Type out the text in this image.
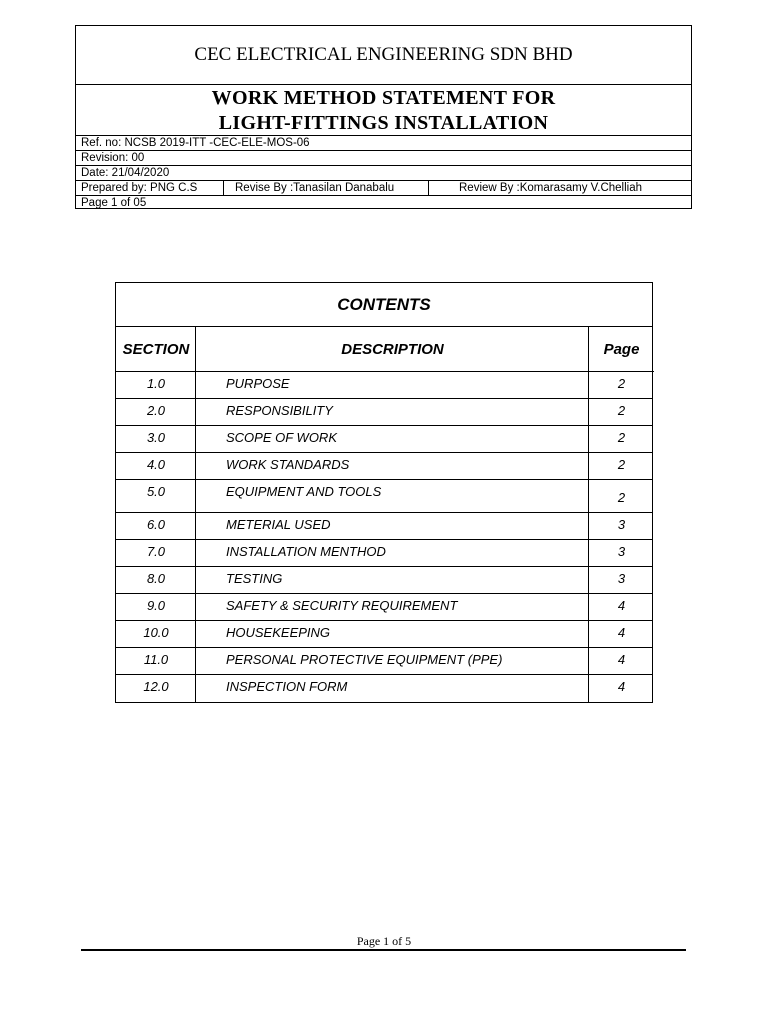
CEC ELECTRICAL ENGINEERING SDN BHD
WORK METHOD STATEMENT FOR
LIGHT-FITTINGS INSTALLATION
Ref. no: NCSB 2019-ITT -CEC-ELE-MOS-06
Revision: 00
Date: 21/04/2020
Prepared by: PNG C.S	Revise By :Tanasilan Danabalu	Review By :Komarasamy V.Chelliah
Page 1 of 05
CONTENTS
SECTION	DESCRIPTION	Page
1.0	PURPOSE	2
2.0	RESPONSIBILITY	2
3.0	SCOPE OF WORK	2
4.0	WORK STANDARDS	2
5.0	EQUIPMENT AND TOOLS	2
6.0	METERIAL USED	3
7.0	INSTALLATION MENTHOD	3
8.0	TESTING	3
9.0	SAFETY & SECURITY REQUIREMENT	4
10.0	HOUSEKEEPING	4
11.0	PERSONAL PROTECTIVE EQUIPMENT (PPE)	4
12.0	INSPECTION FORM	4
Page 1 of 5
